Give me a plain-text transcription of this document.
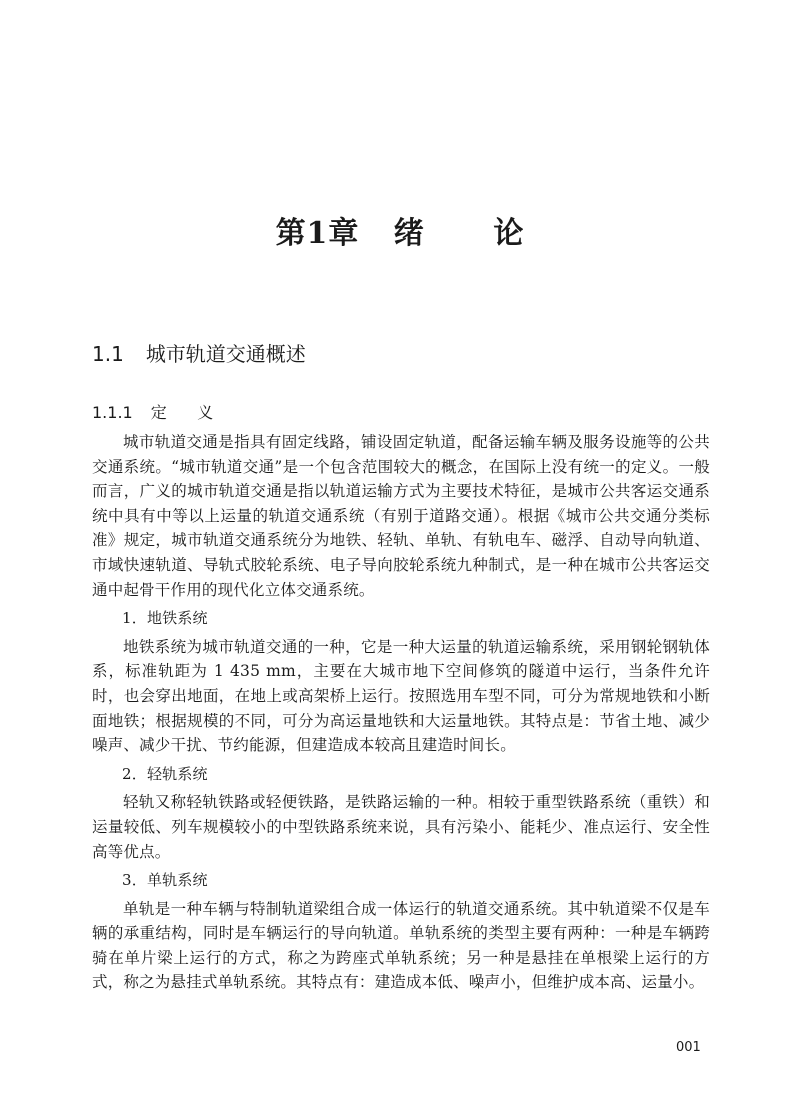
第1章   绪      论
1.1 城市轨道交通概述
1.1.1 定      义

城市轨道交通是指具有固定线路，铺设固定轨道，配备运输车辆及服务设施等的公共交通系统。“城市轨道交通”是一个包含范围较大的概念，在国际上没有统一的定义。一般而言，广义的城市轨道交通是指以轨道运输方式为主要技术特征，是城市公共客运交通系统中具有中等以上运量的轨道交通系统（有别于道路交通）。根据《城市公共交通分类标准》规定，城市轨道交通系统分为地铁、轻轨、单轨、有轨电车、磁浮、自动导向轨道、市域快速轨道、导轨式胶轮系统、电子导向胶轮系统九种制式，是一种在城市公共客运交通中起骨干作用的现代化立体交通系统。

1．地铁系统

地铁系统为城市轨道交通的一种，它是一种大运量的轨道运输系统，采用钢轮钢轨体系，标准轨距为 1 435 mm，主要在大城市地下空间修筑的隧道中运行，当条件允许时，也会穿出地面，在地上或高架桥上运行。按照选用车型不同，可分为常规地铁和小断面地铁；根据规模的不同，可分为高运量地铁和大运量地铁。其特点是：节省土地、减少噪声、减少干扰、节约能源，但建造成本较高且建造时间长。

2．轻轨系统

轻轨又称轻轨铁路或轻便铁路，是铁路运输的一种。相较于重型铁路系统（重铁）和运量较低、列车规模较小的中型铁路系统来说，具有污染小、能耗少、准点运行、安全性高等优点。

3．单轨系统

单轨是一种车辆与特制轨道梁组合成一体运行的轨道交通系统。其中轨道梁不仅是车辆的承重结构，同时是车辆运行的导向轨道。单轨系统的类型主要有两种：一种是车辆跨骑在单片梁上运行的方式，称之为跨座式单轨系统；另一种是悬挂在单根梁上运行的方式，称之为悬挂式单轨系统。其特点有：建造成本低、噪声小，但维护成本高、运量小。

001
